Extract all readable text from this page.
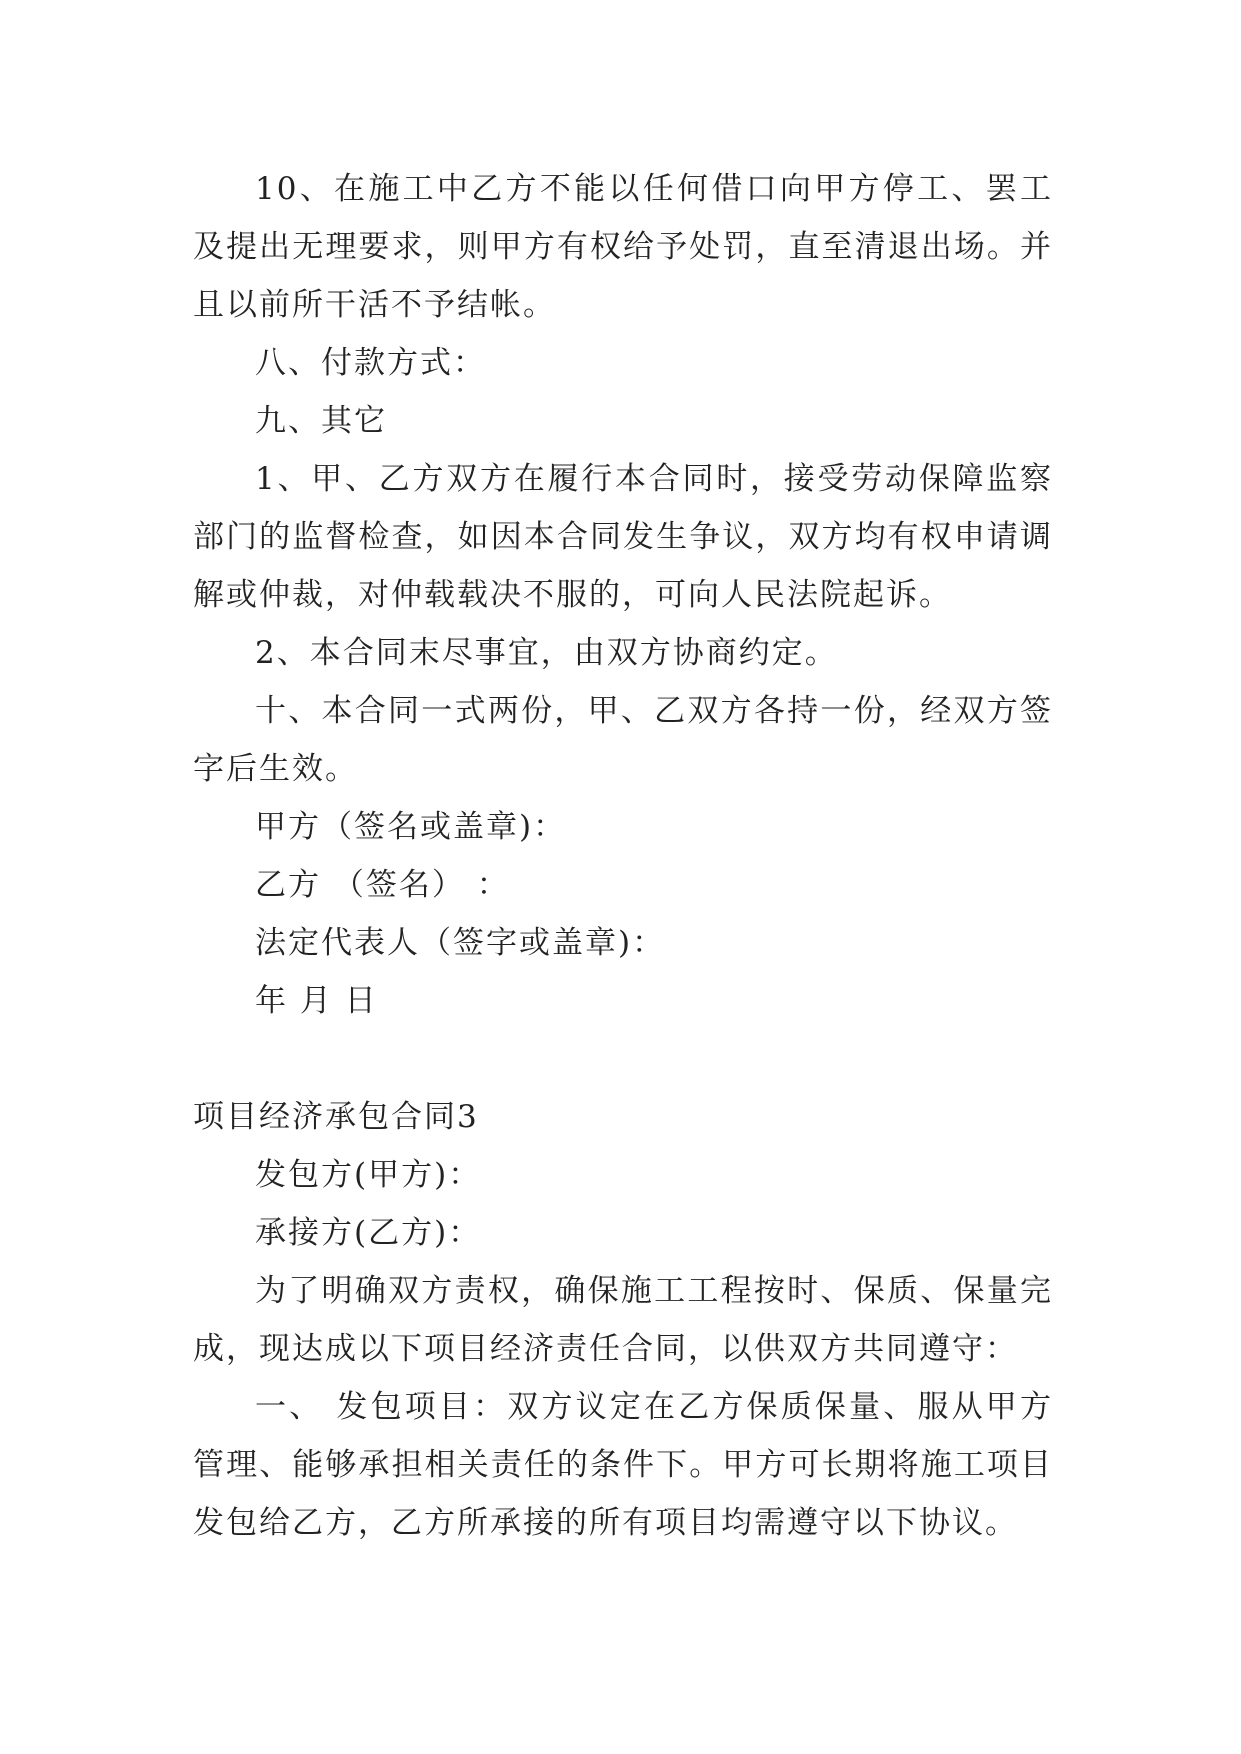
10、在施工中乙方不能以任何借口向甲方停工、罢工及提出无理要求，则甲方有权给予处罚，直至清退出场。并且以前所干活不予结帐。

八、付款方式：

九、其它

1、甲、乙方双方在履行本合同时，接受劳动保障监察部门的监督检查，如因本合同发生争议，双方均有权申请调解或仲裁，对仲载载决不服的，可向人民法院起诉。

2、本合同末尽事宜，由双方协商约定。

十、本合同一式两份，甲、乙双方各持一份，经双方签字后生效。

甲方（签名或盖章)：

乙方 （签名） ：

法定代表人（签字或盖章)：

年 月 日

项目经济承包合同3

发包方(甲方)：

承接方(乙方)：

为了明确双方责权，确保施工工程按时、保质、保量完成，现达成以下项目经济责任合同，以供双方共同遵守：

一、 发包项目：双方议定在乙方保质保量、服从甲方管理、能够承担相关责任的条件下。甲方可长期将施工项目发包给乙方，乙方所承接的所有项目均需遵守以下协议。
